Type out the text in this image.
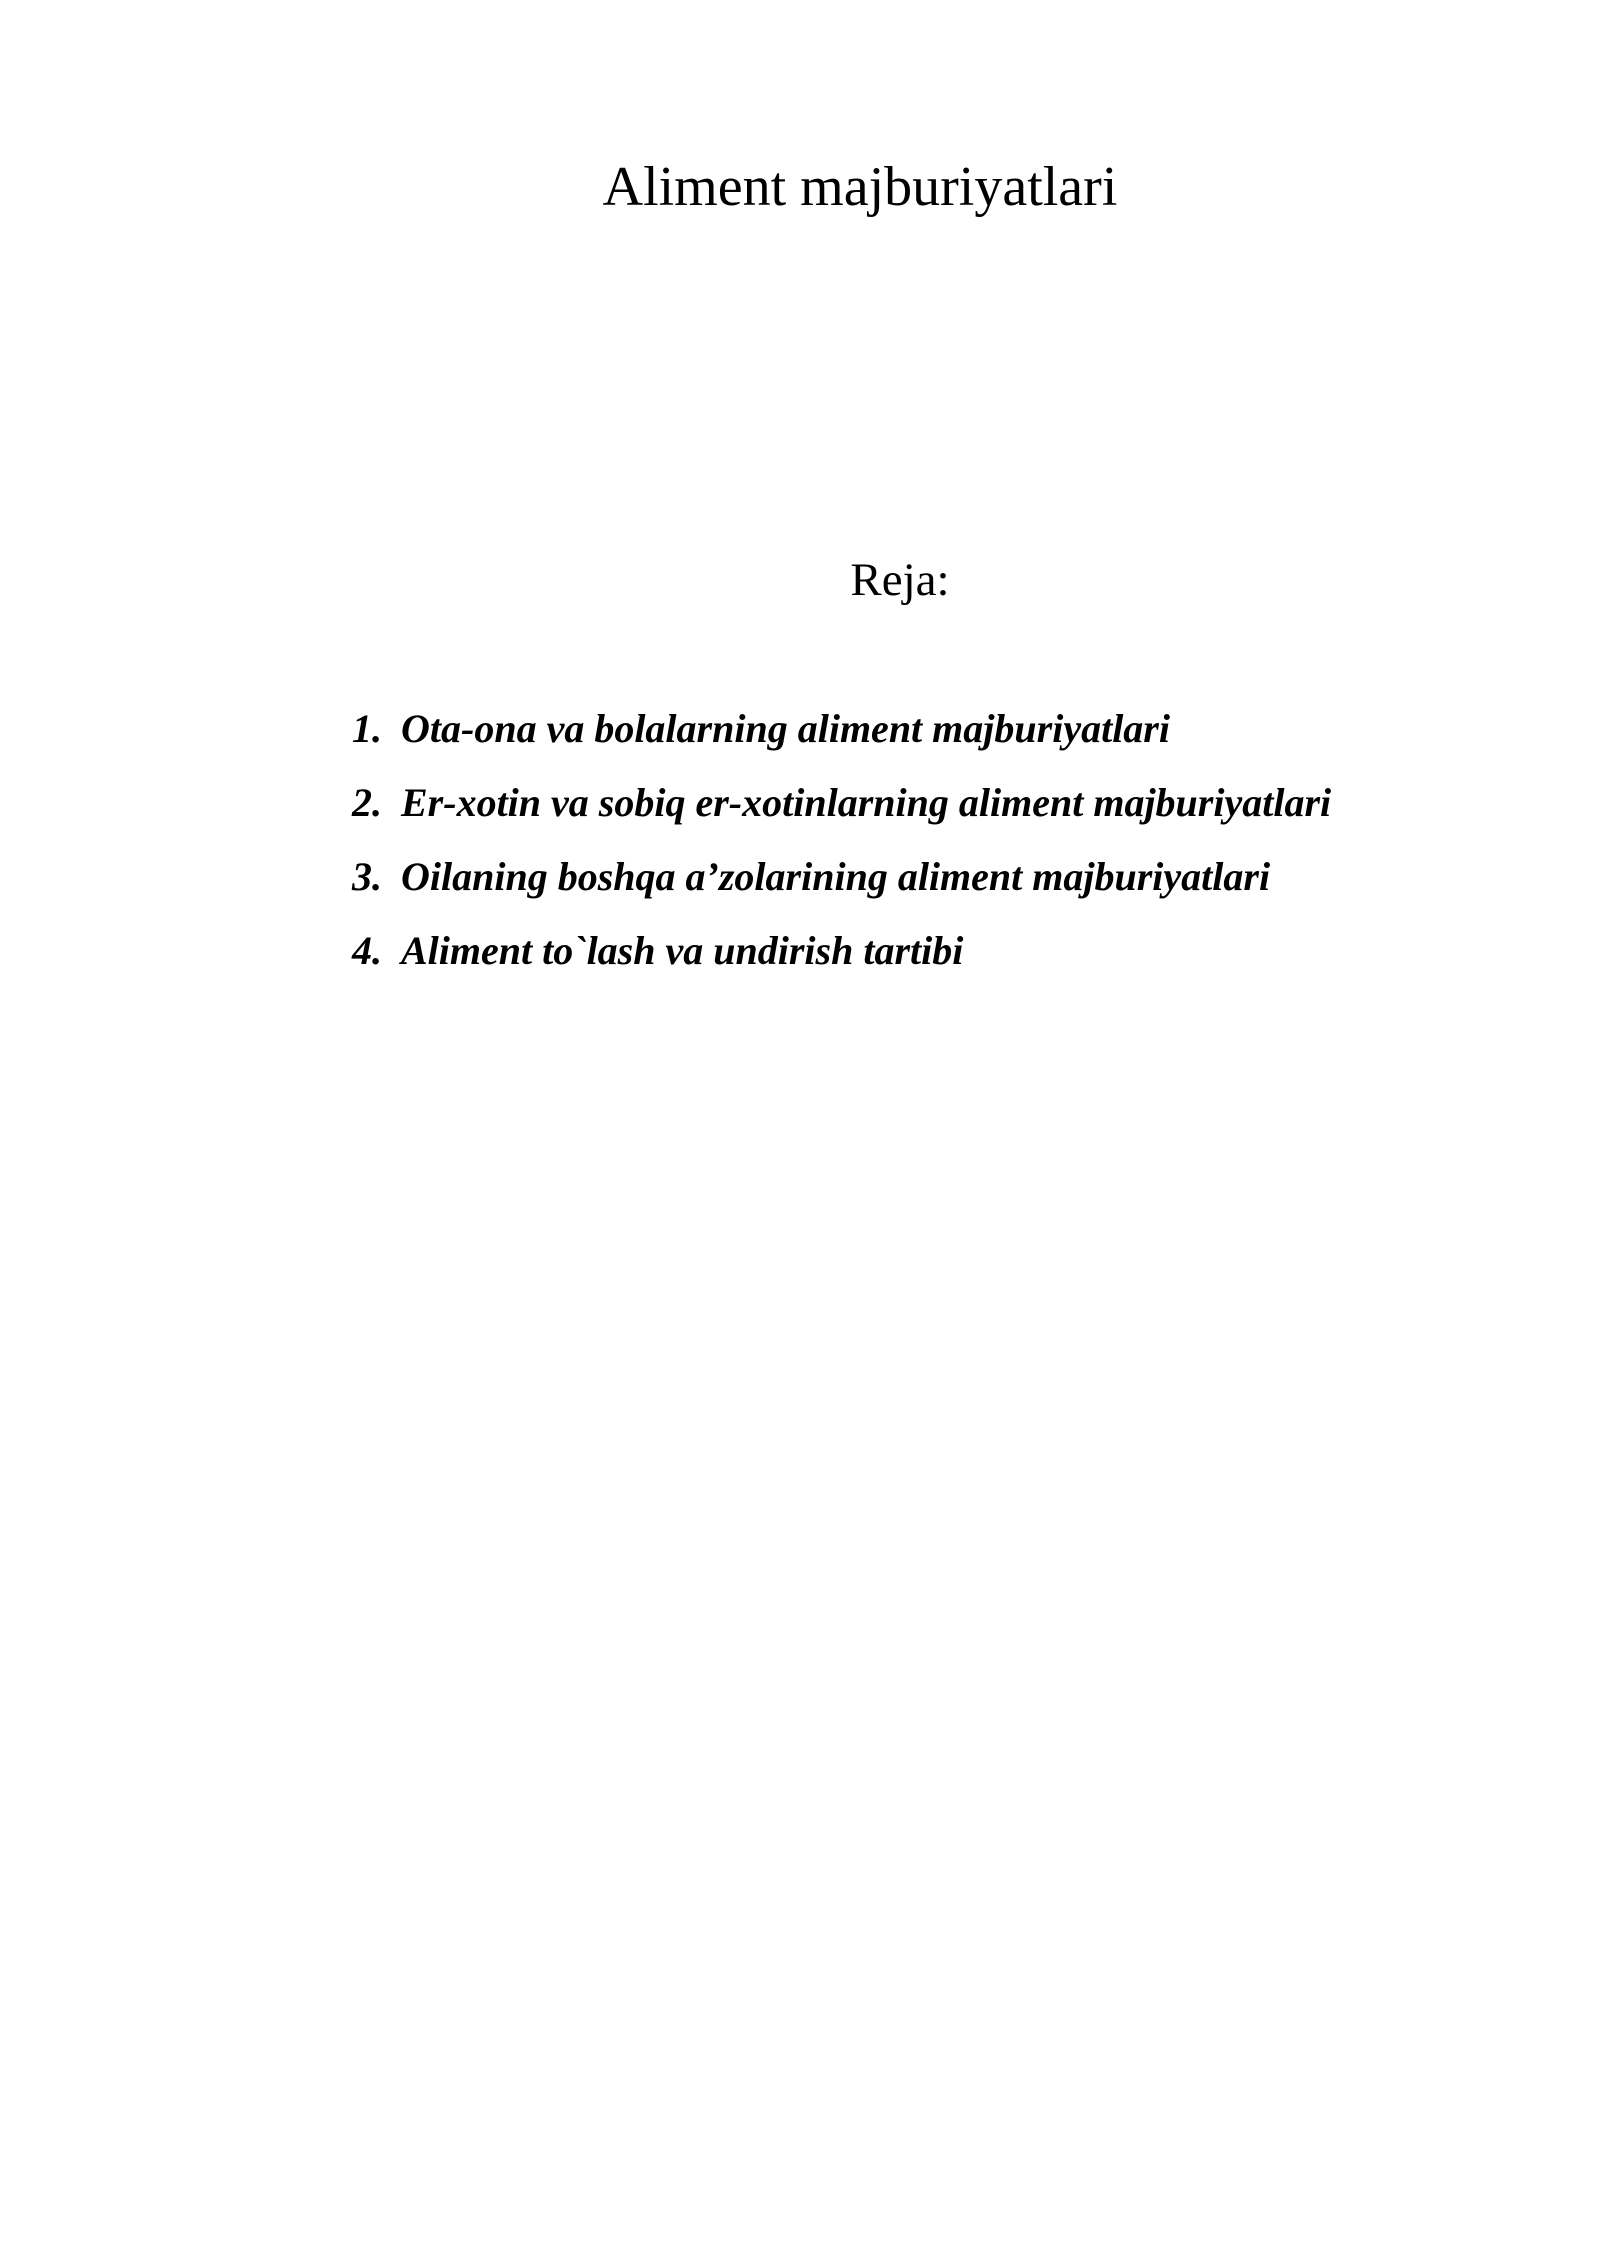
Aliment majburiyatlari
Reja:
1. Ota-ona va bolalarning aliment majburiyatlari
2. Er-xotin va sobiq er-xotinlarning aliment majburiyatlari
3. Oilaning boshqa a’zolarining aliment majburiyatlari
4. Aliment to`lash va undirish tartibi
